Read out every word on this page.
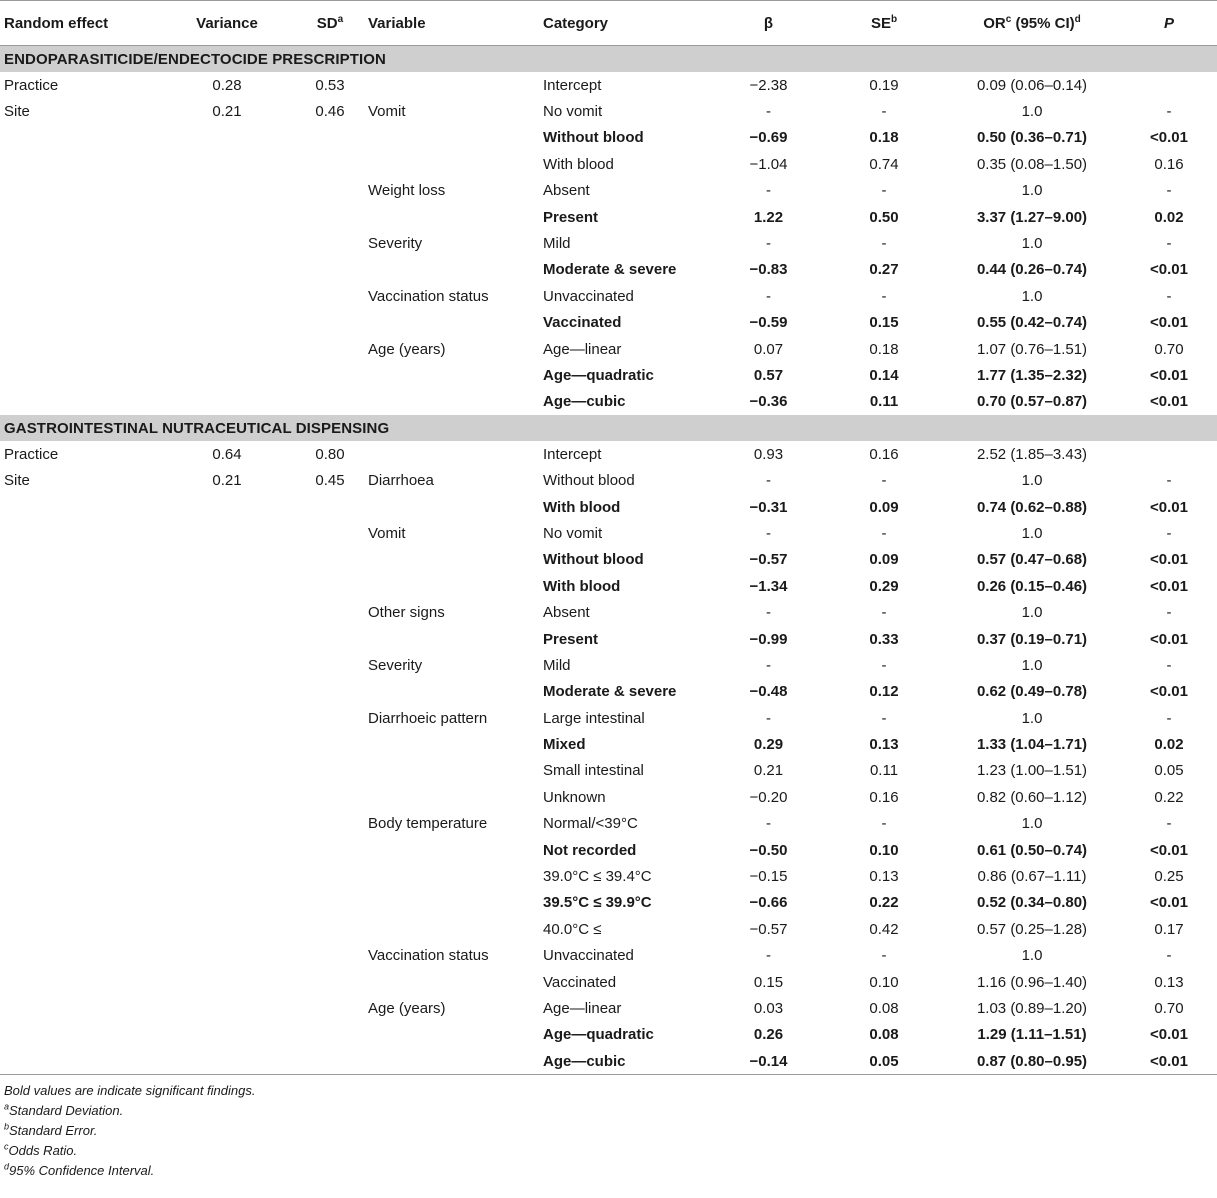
Random effect	Variance	$SD^a$	Variable	Category	β	$SE^b$	$OR^c$ (95% CI)$^d$	P
ENDOPARASITICIDE/ENDECTOCIDE PRESCRIPTION								
Practice	0.28	0.53		Intercept	−2.38	0.19	0.09 (0.06–0.14)	
Site	0.21	0.46	Vomit	No vomit	-	-	1.0	-
				Without blood	−0.69	0.18	0.50 (0.36–0.71)	<0.01
				With blood	−1.04	0.74	0.35 (0.08–1.50)	0.16
			Weight loss	Absent	-	-	1.0	-
				Present	1.22	0.50	3.37 (1.27–9.00)	0.02
			Severity	Mild	-	-	1.0	-
				Moderate & severe	−0.83	0.27	0.44 (0.26–0.74)	<0.01
			Vaccination status	Unvaccinated	-	-	1.0	-
				Vaccinated	−0.59	0.15	0.55 (0.42–0.74)	<0.01
			Age (years)	Age—linear	0.07	0.18	1.07 (0.76–1.51)	0.70
				Age—quadratic	0.57	0.14	1.77 (1.35–2.32)	<0.01
				Age—cubic	−0.36	0.11	0.70 (0.57–0.87)	<0.01
GASTROINTESTINAL NUTRACEUTICAL DISPENSING								
Practice	0.64	0.80		Intercept	0.93	0.16	2.52 (1.85–3.43)	
Site	0.21	0.45	Diarrhoea	Without blood	-	-	1.0	-
				With blood	−0.31	0.09	0.74 (0.62–0.88)	<0.01
			Vomit	No vomit	-	-	1.0	-
				Without blood	−0.57	0.09	0.57 (0.47–0.68)	<0.01
				With blood	−1.34	0.29	0.26 (0.15–0.46)	<0.01
			Other signs	Absent	-	-	1.0	-
				Present	−0.99	0.33	0.37 (0.19–0.71)	<0.01
			Severity	Mild	-	-	1.0	-
				Moderate & severe	−0.48	0.12	0.62 (0.49–0.78)	<0.01
			Diarrhoeic pattern	Large intestinal	-	-	1.0	-
				Mixed	0.29	0.13	1.33 (1.04–1.71)	0.02
				Small intestinal	0.21	0.11	1.23 (1.00–1.51)	0.05
				Unknown	−0.20	0.16	0.82 (0.60–1.12)	0.22
			Body temperature	Normal/<39°C	-	-	1.0	-
				Not recorded	−0.50	0.10	0.61 (0.50–0.74)	<0.01
				39.0°C ≤ 39.4°C	−0.15	0.13	0.86 (0.67–1.11)	0.25
				39.5°C ≤ 39.9°C	−0.66	0.22	0.52 (0.34–0.80)	<0.01
				40.0°C ≤	−0.57	0.42	0.57 (0.25–1.28)	0.17
			Vaccination status	Unvaccinated	-	-	1.0	-
				Vaccinated	0.15	0.10	1.16 (0.96–1.40)	0.13
			Age (years)	Age—linear	0.03	0.08	1.03 (0.89–1.20)	0.70
				Age—quadratic	0.26	0.08	1.29 (1.11–1.51)	<0.01
				Age—cubic	−0.14	0.05	0.87 (0.80–0.95)	<0.01
Bold values are indicate significant findings.
$^a$Standard Deviation.
$^b$Standard Error.
$^c$Odds Ratio.
$^d$95% Confidence Interval.
